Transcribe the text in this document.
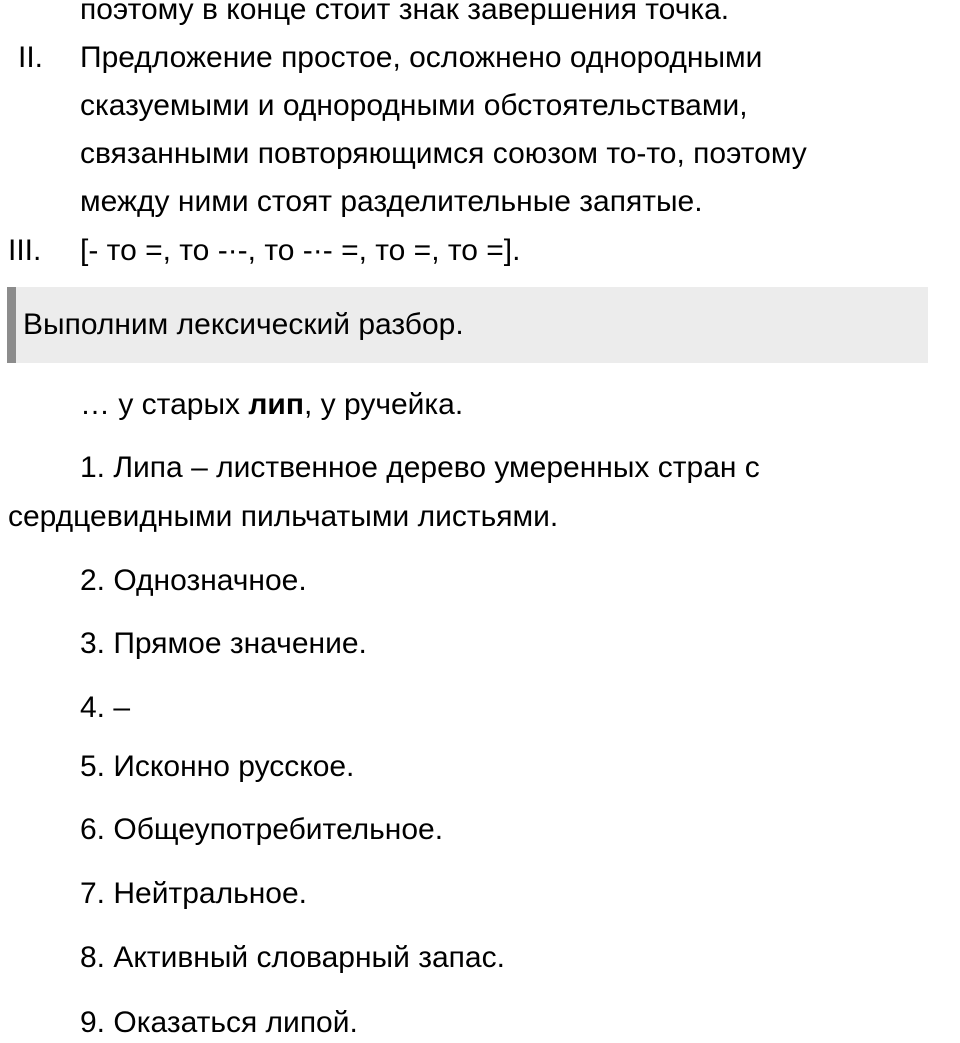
поэтому в конце стоит знак завершения точка.
II. Предложение простое, осложнено однородными
сказуемыми и однородными обстоятельствами,
связанными повторяющимся союзом то-то, поэтому
между ними стоят разделительные запятые.
III. [- то =, то -·-, то -·- =, то =, то =].
Выполним лексический разбор.
… у старых лип, у ручейка.
1. Липа – лиственное дерево умеренных стран с
сердцевидными пильчатыми листьями.
2. Однозначное.
3. Прямое значение.
4. –
5. Исконно русское.
6. Общеупотребительное.
7. Нейтральное.
8. Активный словарный запас.
9. Оказаться липой.
